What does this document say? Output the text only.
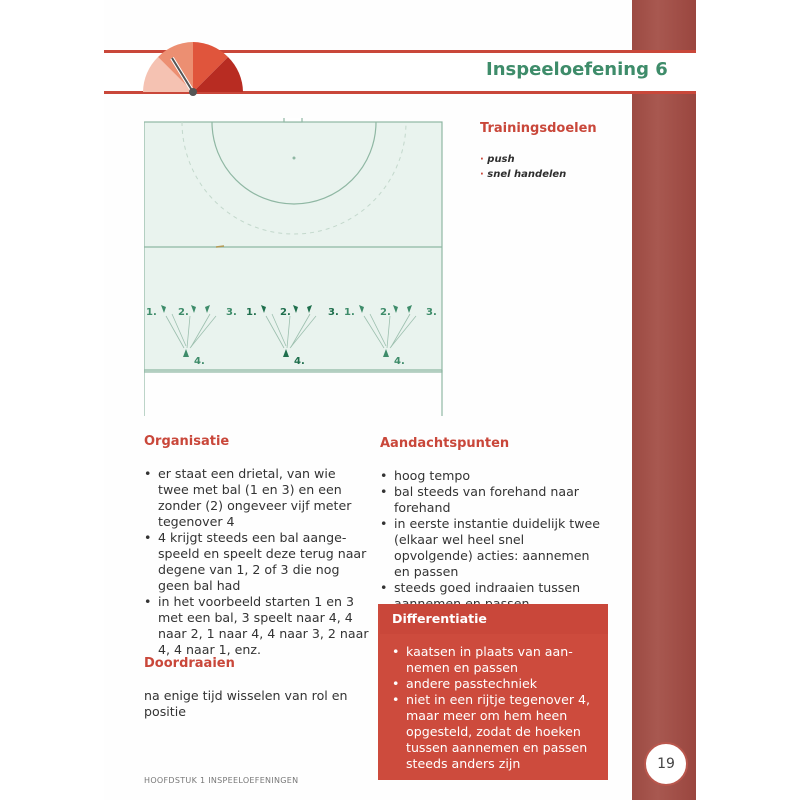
Inspeeloefening 6
1. 2.	3.
4.
1. 2.	3.
4.
1.	2.	3.
4.
Trainingsdoelen
· push
· snel handelen
Organisatie
• er staat een drietal, van wie twee met bal (1 en 3) en een zonder (2) ongeveer vijf meter tegenover 4
• 4 krijgt steeds een bal aange-speeld en speelt deze terug naar degene van 1, 2 of 3 die nog geen bal had
• in het voorbeeld starten 1 en 3 met een bal, 3 speelt naar 4, 4 naar 2, 1 naar 4, 4 naar 3, 2 naar 4, 4 naar 1, enz.
Doordraaien
na enige tijd wisselen van rol en positie
Aandachtspunten
• hoog tempo
• bal steeds van forehand naar forehand
• in eerste instantie duidelijk twee (elkaar wel heel snel opvolgende) acties: aannemen en passen
• steeds goed indraaien tussen
Differentiatie
• kaatsen in plaats van aan-nemen en passen
• andere passtechniek
• niet in een rijtje tegenover 4, maar meer om hem heen opgesteld, zodat de hoeken tussen aannemen en passen steeds anders zijn	19
HOOFDSTUK 1 INSPEELOEFENINGEN
